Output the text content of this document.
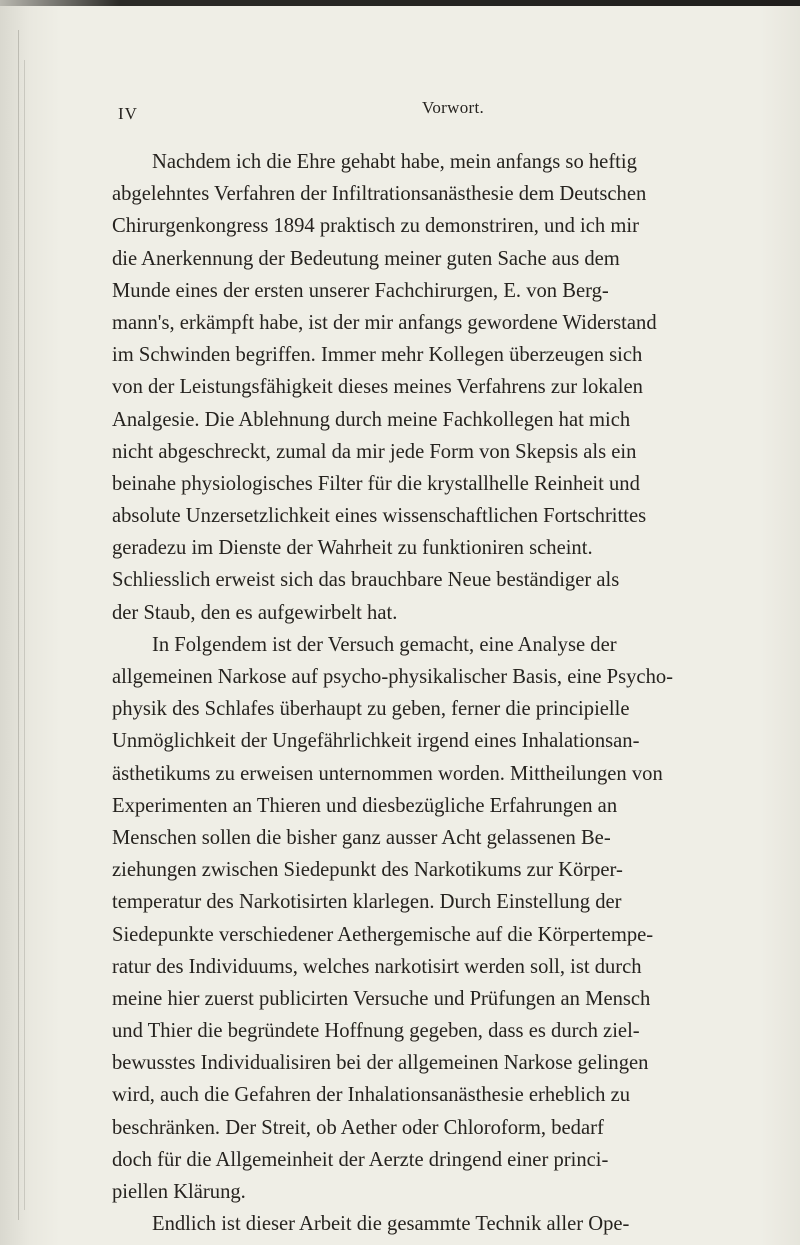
IV	Vorwort.
Nachdem ich die Ehre gehabt habe, mein anfangs so heftig
abgelehntes Verfahren der Infiltrationsanästhesie dem Deutschen
Chirurgenkongress 1894 praktisch zu demonstriren, und ich mir
die Anerkennung der Bedeutung meiner guten Sache aus dem
Munde eines der ersten unserer Fachchirurgen, E. von Berg-
mann's, erkämpft habe, ist der mir anfangs gewordene Widerstand
im Schwinden begriffen. Immer mehr Kollegen überzeugen sich
von der Leistungsfähigkeit dieses meines Verfahrens zur lokalen
Analgesie. Die Ablehnung durch meine Fachkollegen hat mich
nicht abgeschreckt, zumal da mir jede Form von Skepsis als ein
beinahe physiologisches Filter für die krystallhelle Reinheit und
absolute Unzersetzlichkeit eines wissenschaftlichen Fortschrittes
geradezu im Dienste der Wahrheit zu funktioniren scheint.
Schliesslich erweist sich das brauchbare Neue beständiger als
der Staub, den es aufgewirbelt hat.
In Folgendem ist der Versuch gemacht, eine Analyse der
allgemeinen Narkose auf psycho-physikalischer Basis, eine Psycho-
physik des Schlafes überhaupt zu geben, ferner die principielle
Unmöglichkeit der Ungefährlichkeit irgend eines Inhalationsan-
ästhetikums zu erweisen unternommen worden. Mittheilungen von
Experimenten an Thieren und diesbezügliche Erfahrungen an
Menschen sollen die bisher ganz ausser Acht gelassenen Be-
ziehungen zwischen Siedepunkt des Narkotikums zur Körper-
temperatur des Narkotisirten klarlegen. Durch Einstellung der
Siedepunkte verschiedener Aethergemische auf die Körpertempe-
ratur des Individuums, welches narkotisirt werden soll, ist durch
meine hier zuerst publicirten Versuche und Prüfungen an Mensch
und Thier die begründete Hoffnung gegeben, dass es durch ziel-
bewusstes Individualisiren bei der allgemeinen Narkose gelingen
wird, auch die Gefahren der Inhalationsanästhesie erheblich zu
beschränken. Der Streit, ob Aether oder Chloroform, bedarf
doch für die Allgemeinheit der Aerzte dringend einer princi-
piellen Klärung.
Endlich ist dieser Arbeit die gesammte Technik aller Ope-
